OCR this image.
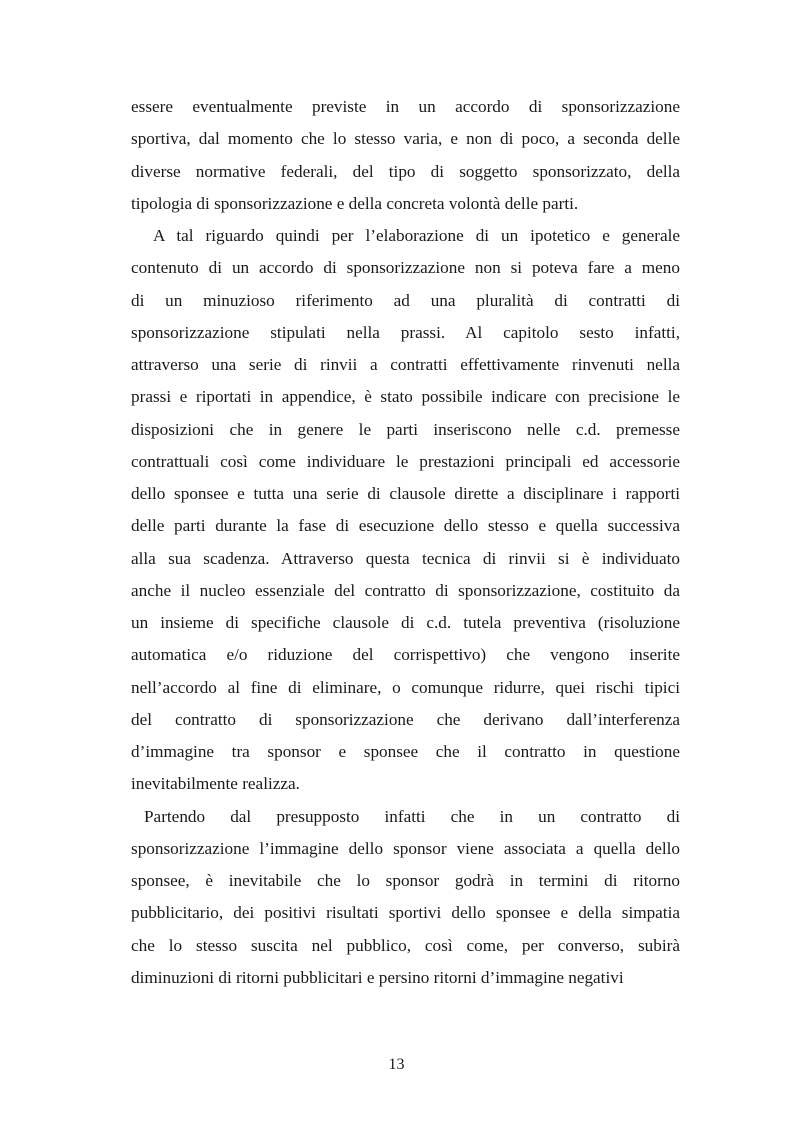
essere eventualmente previste in un accordo di sponsorizzazione
sportiva, dal momento che lo stesso varia, e non di poco, a seconda delle
diverse normative federali, del tipo di soggetto sponsorizzato, della
tipologia di sponsorizzazione e della concreta volontà delle parti.
A tal riguardo quindi per l’elaborazione di un ipotetico e generale
contenuto di un accordo di sponsorizzazione non si poteva fare a meno
di un minuzioso riferimento ad una pluralità di contratti di
sponsorizzazione stipulati nella prassi. Al capitolo sesto infatti,
attraverso una serie di rinvii a contratti effettivamente rinvenuti nella
prassi e riportati in appendice, è stato possibile indicare con precisione le
disposizioni che in genere le parti inseriscono nelle c.d. premesse
contrattuali così come individuare le prestazioni principali ed accessorie
dello sponsee e tutta una serie di clausole dirette a disciplinare i rapporti
delle parti durante la fase di esecuzione dello stesso e quella successiva
alla sua scadenza. Attraverso questa tecnica di rinvii si è individuato
anche il nucleo essenziale del contratto di sponsorizzazione, costituito da
un insieme di specifiche clausole di c.d. tutela preventiva (risoluzione
automatica e/o riduzione del corrispettivo) che vengono inserite
nell’accordo al fine di eliminare, o comunque ridurre, quei rischi tipici
del contratto di sponsorizzazione che derivano dall’interferenza
d’immagine tra sponsor e sponsee che il contratto in questione
inevitabilmente realizza.
Partendo dal presupposto infatti che in un contratto di
sponsorizzazione l’immagine dello sponsor viene associata a quella dello
sponsee, è inevitabile che lo sponsor godrà in termini di ritorno
pubblicitario, dei positivi risultati sportivi dello sponsee e della simpatia
che lo stesso suscita nel pubblico, così come, per converso, subirà
diminuzioni di ritorni pubblicitari e persino ritorni d’immagine negativi
13
